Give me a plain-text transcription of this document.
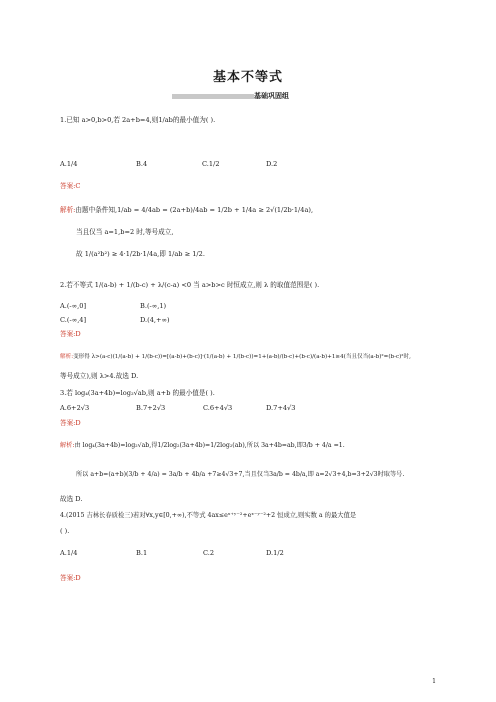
基本不等式
基础巩固组
1.已知 a>0,b>0,若 2a+b=4,则1/ab的最小值为( ).
A.1/4	B.4	C.1/2	D.2
答案:C
解析:由题中条件知,1/ab = 4/4ab = (2a+b)/4ab = 1/2b + 1/4a ≥ 2√(1/2b·1/4a),
当且仅当 a=1,b=2 时,等号成立,
故 1/(a²b²) ≥ 4·1/2b·1/4a,即 1/ab ≥ 1/2.
2.若不等式 1/(a-b) + 1/(b-c) + λ/(c-a) <0 当 a>b>c 时恒成立,则 λ 的取值范围是( ).
A.(-∞,0]	B.(-∞,1)
C.(-∞,4]	D.(4,+∞)
答案:D
解析:变形得 λ>(a-c)(1/(a-b) + 1/(b-c))=[(a-b)+(b-c)]·(1/(a-b) + 1/(b-c))=1+(a-b)/(b-c)+(b-c)/(a-b)+1≥4(当且仅当(a-b)²=(b-c)²时,
等号成立),则 λ>4.故选 D.
3.若 log₄(3a+4b)=log₂√ab,则 a+b 的最小值是( ).
A.6+2√3	B.7+2√3	C.6+4√3	D.7+4√3
答案:D
解析:由 log₄(3a+4b)=log₂√ab,得1/2log₂(3a+4b)=1/2log₂(ab),所以 3a+4b=ab,即3/b + 4/a =1.
所以 a+b=(a+b)(3/b + 4/a) = 3a/b + 4b/a +7≥4√3+7,当且仅当3a/b = 4b/a,即 a=2√3+4,b=3+2√3时取等号.
故选 D.
4.(2015 吉林长春质检三)若对∀x,y∈[0,+∞),不等式 4ax≤eˣ⁺ʸ⁻²+eˣ⁻ʸ⁻²+2 恒成立,则实数 a 的最大值是
( ).
A.1/4	B.1	C.2	D.1/2
答案:D
1
